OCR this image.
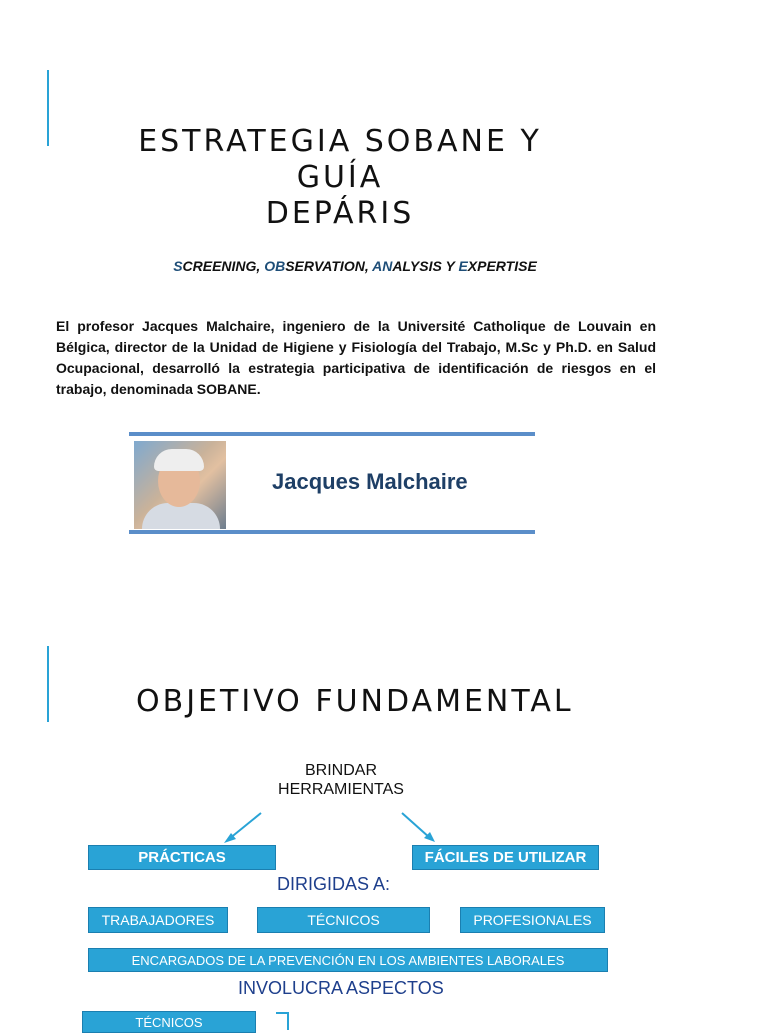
ESTRATEGIA SOBANE Y GUÍA
DEPÁRIS
SCREENING, OBSERVATION, ANALYSIS Y EXPERTISE

El profesor Jacques Malchaire, ingeniero de la Université Catholique de Louvain en Bélgica, director de la Unidad de Higiene y Fisiología del Trabajo, M.Sc y Ph.D. en Salud Ocupacional, desarrolló la estrategia participativa de identificación de riesgos en el trabajo, denominada SOBANE.

Jacques Malchaire
OBJETIVO FUNDAMENTAL
BRINDAR
HERRAMIENTAS
PRÁCTICAS	FÁCILES DE UTILIZAR
DIRIGIDAS A:
TRABAJADORES	TÉCNICOS	PROFESIONALES
ENCARGADOS DE LA PREVENCIÓN EN LOS AMBIENTES LABORALES
INVOLUCRA ASPECTOS
TÉCNICOS
